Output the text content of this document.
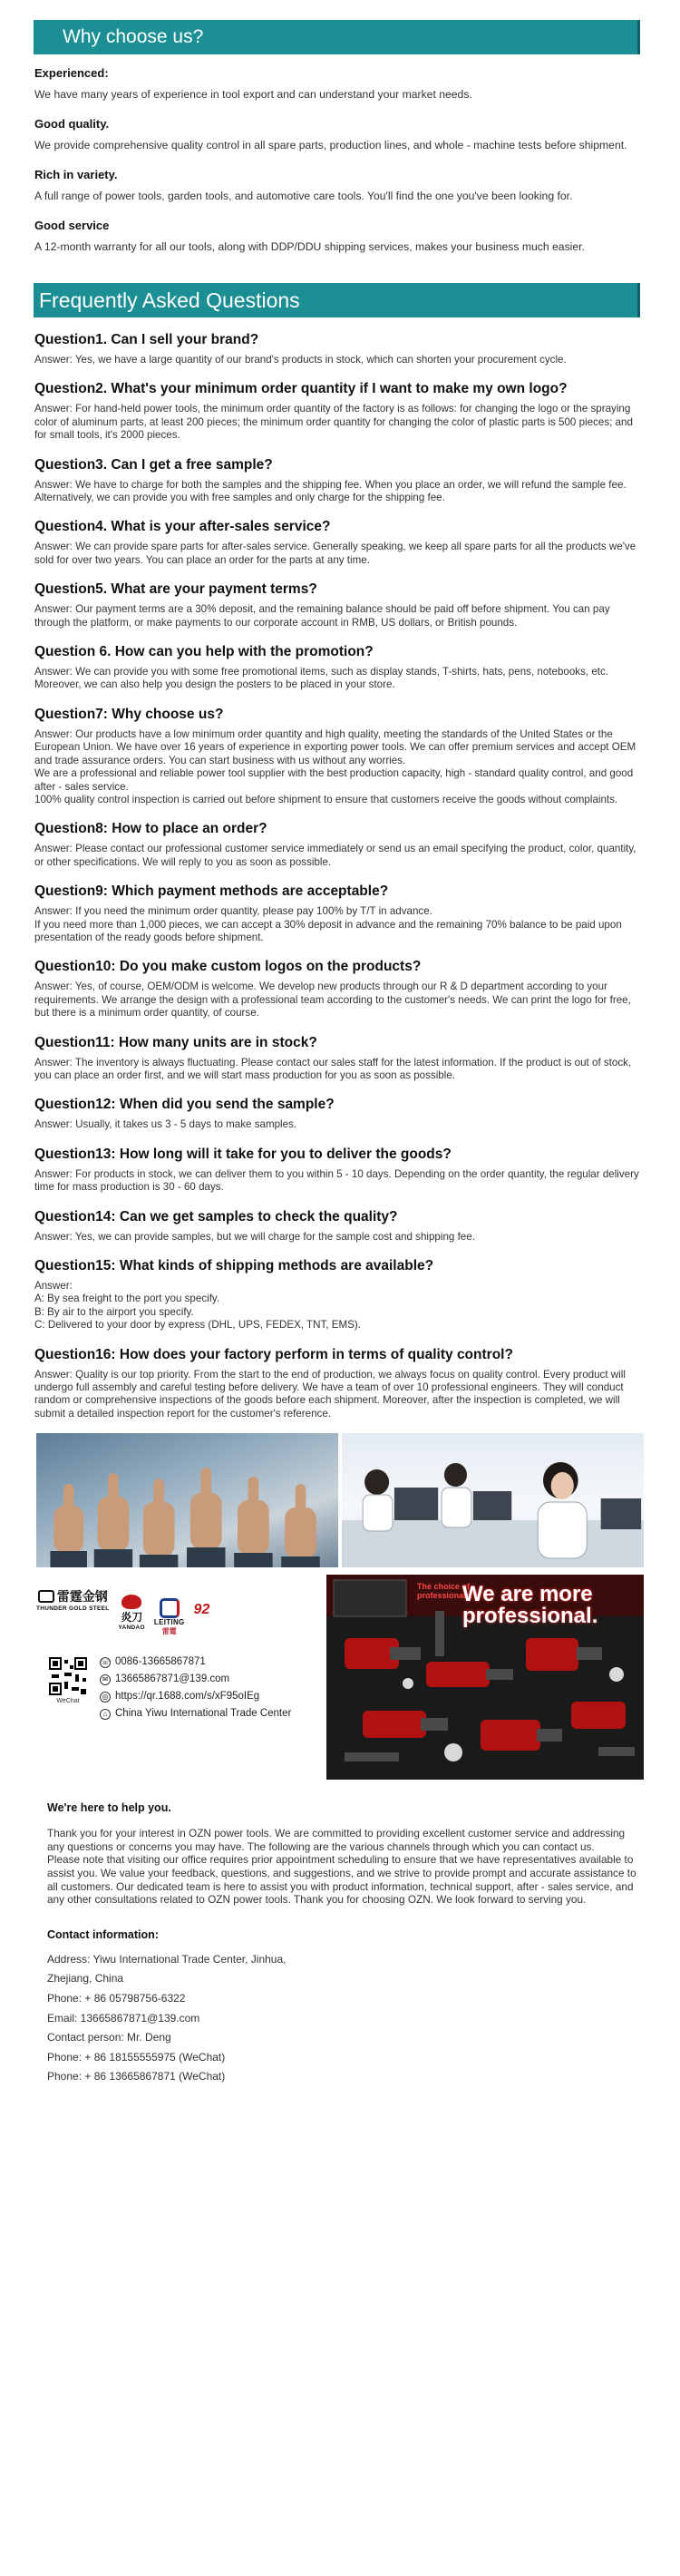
Why choose us?
Experienced:
We have many years of experience in tool export and can understand your market needs.
Good quality.
We provide comprehensive quality control in all spare parts, production lines, and whole - machine tests before shipment.
Rich in variety.
A full range of power tools, garden tools, and automotive care tools. You'll find the one you've been looking for.
Good service
A 12-month warranty for all our tools, along with DDP/DDU shipping services, makes your business much easier.
Frequently Asked Questions
Question1. Can I sell your brand?

Answer: Yes, we have a large quantity of our brand's products in stock, which can shorten your procurement cycle.

Question2. What's your minimum order quantity if I want to make my own logo?

Answer: For hand-held power tools, the minimum order quantity of the factory is as follows: for changing the logo or the spraying color of aluminum parts, at least 200 pieces; the minimum order quantity for changing the color of plastic parts is 500 pieces; and for small tools, it's 2000 pieces.

Question3. Can I get a free sample?

Answer: We have to charge for both the samples and the shipping fee. When you place an order, we will refund the sample fee. Alternatively, we can provide you with free samples and only charge for the shipping fee.

Question4. What is your after-sales service?

Answer: We can provide spare parts for after-sales service. Generally speaking, we keep all spare parts for all the products we've sold for over two years. You can place an order for the parts at any time.

Question5. What are your payment terms?

Answer: Our payment terms are a 30% deposit, and the remaining balance should be paid off before shipment. You can pay through the platform, or make payments to our corporate account in RMB, US dollars, or British pounds.

Question 6. How can you help with the promotion?

Answer: We can provide you with some free promotional items, such as display stands, T-shirts, hats, pens, notebooks, etc. Moreover, we can also help you design the posters to be placed in your store.

Question7: Why choose us?

Answer: Our products have a low minimum order quantity and high quality, meeting the standards of the United States or the European Union. We have over 16 years of experience in exporting power tools. We can offer premium services and accept OEM and trade assurance orders. You can start business with us without any worries.

We are a professional and reliable power tool supplier with the best production capacity, high - standard quality control, and good after - sales service.

100% quality control inspection is carried out before shipment to ensure that customers receive the goods without complaints.

Question8: How to place an order?

Answer: Please contact our professional customer service immediately or send us an email specifying the product, color, quantity, or other specifications. We will reply to you as soon as possible.

Question9: Which payment methods are acceptable?

Answer: If you need the minimum order quantity, please pay 100% by T/T in advance.

If you need more than 1,000 pieces, we can accept a 30% deposit in advance and the remaining 70% balance to be paid upon presentation of the ready goods before shipment.

Question10: Do you make custom logos on the products?

Answer: Yes, of course, OEM/ODM is welcome. We develop new products through our R & D department according to your requirements. We arrange the design with a professional team according to the customer's needs. We can print the logo for free, but there is a minimum order quantity, of course.

Question11: How many units are in stock?

Answer: The inventory is always fluctuating. Please contact our sales staff for the latest information. If the product is out of stock, you can place an order first, and we will start mass production for you as soon as possible.

Question12: When did you send the sample?

Answer: Usually, it takes us 3 - 5 days to make samples.

Question13: How long will it take for you to deliver the goods?

Answer: For products in stock, we can deliver them to you within 5 - 10 days. Depending on the order quantity, the regular delivery time for mass production is 30 - 60 days.

Question14: Can we get samples to check the quality?

Answer: Yes, we can provide samples, but we will charge for the sample cost and shipping fee.

Question15: What kinds of shipping methods are available?

Answer:

A: By sea freight to the port you specify.

B: By air to the airport you specify.

C: Delivered to your door by express (DHL, UPS, FEDEX, TNT, EMS).

Question16: How does your factory perform in terms of quality control?

Answer: Quality is our top priority. From the start to the end of production, we always focus on quality control. Every product will undergo full assembly and careful testing before delivery. We have a team of over 10 professional engineers. They will conduct random or comprehensive inspections of the goods before each shipment. Moreover, after the inspection is completed, we will submit a detailed inspection report for the customer's reference.

雷霆金钢
THUNDER GOLD STEEL
炎刀
YANDAO
LEITING
雷霆
92
WeChat
☏ 0086-13665867871
✉ 13665867871@139.com
◎ https://qr.1688.com/s/xF95oIEg
⌂ China Yiwu International Trade Center
The choice of
professionals.
We are more
professional.
We're here to help you.

Thank you for your interest in OZN power tools. We are committed to providing excellent customer service and addressing any questions or concerns you may have. The following are the various channels through which you can contact us.

Please note that visiting our office requires prior appointment scheduling to ensure that we have representatives available to assist you. We value your feedback, questions, and suggestions, and we strive to provide prompt and accurate assistance to all customers. Our dedicated team is here to assist you with product information, technical support, after - sales service, and any other consultations related to OZN power tools. Thank you for choosing OZN. We look forward to serving you.

Contact information:
Address: Yiwu International Trade Center, Jinhua,
Zhejiang, China
Phone: + 86 05798756-6322
Email: 13665867871@139.com
Contact person: Mr. Deng
Phone: + 86 18155555975 (WeChat)
Phone: + 86 13665867871 (WeChat)
